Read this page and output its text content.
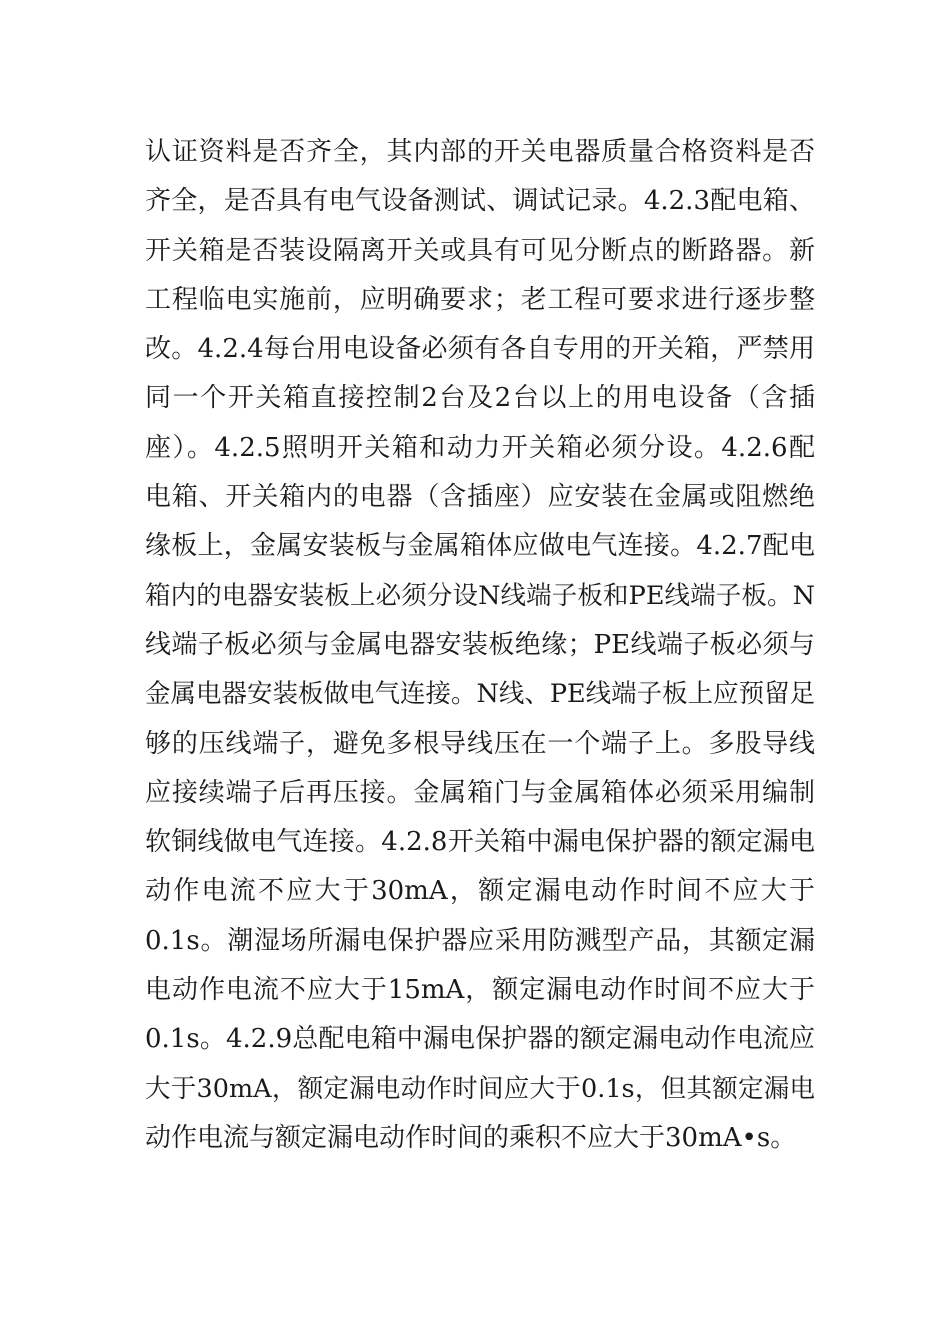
认证资料是否齐全，其内部的开关电器质量合格资料是否
齐全，是否具有电气设备测试、调试记录。4.2.3配电箱、
开关箱是否装设隔离开关或具有可见分断点的断路器。新
工程临电实施前，应明确要求；老工程可要求进行逐步整
改。4.2.4每台用电设备必须有各自专用的开关箱，严禁用
同一个开关箱直接控制2台及2台以上的用电设备（含插
座）。4.2.5照明开关箱和动力开关箱必须分设。4.2.6配
电箱、开关箱内的电器（含插座）应安装在金属或阻燃绝
缘板上，金属安装板与金属箱体应做电气连接。4.2.7配电
箱内的电器安装板上必须分设N线端子板和PE线端子板。N
线端子板必须与金属电器安装板绝缘；PE线端子板必须与
金属电器安装板做电气连接。N线、PE线端子板上应预留足
够的压线端子，避免多根导线压在一个端子上。多股导线
应接续端子后再压接。金属箱门与金属箱体必须采用编制
软铜线做电气连接。4.2.8开关箱中漏电保护器的额定漏电
动作电流不应大于30mA，额定漏电动作时间不应大于
0.1s。潮湿场所漏电保护器应采用防溅型产品，其额定漏
电动作电流不应大于15mA，额定漏电动作时间不应大于
0.1s。4.2.9总配电箱中漏电保护器的额定漏电动作电流应
大于30mA，额定漏电动作时间应大于0.1s，但其额定漏电
动作电流与额定漏电动作时间的乘积不应大于30mA•s。
